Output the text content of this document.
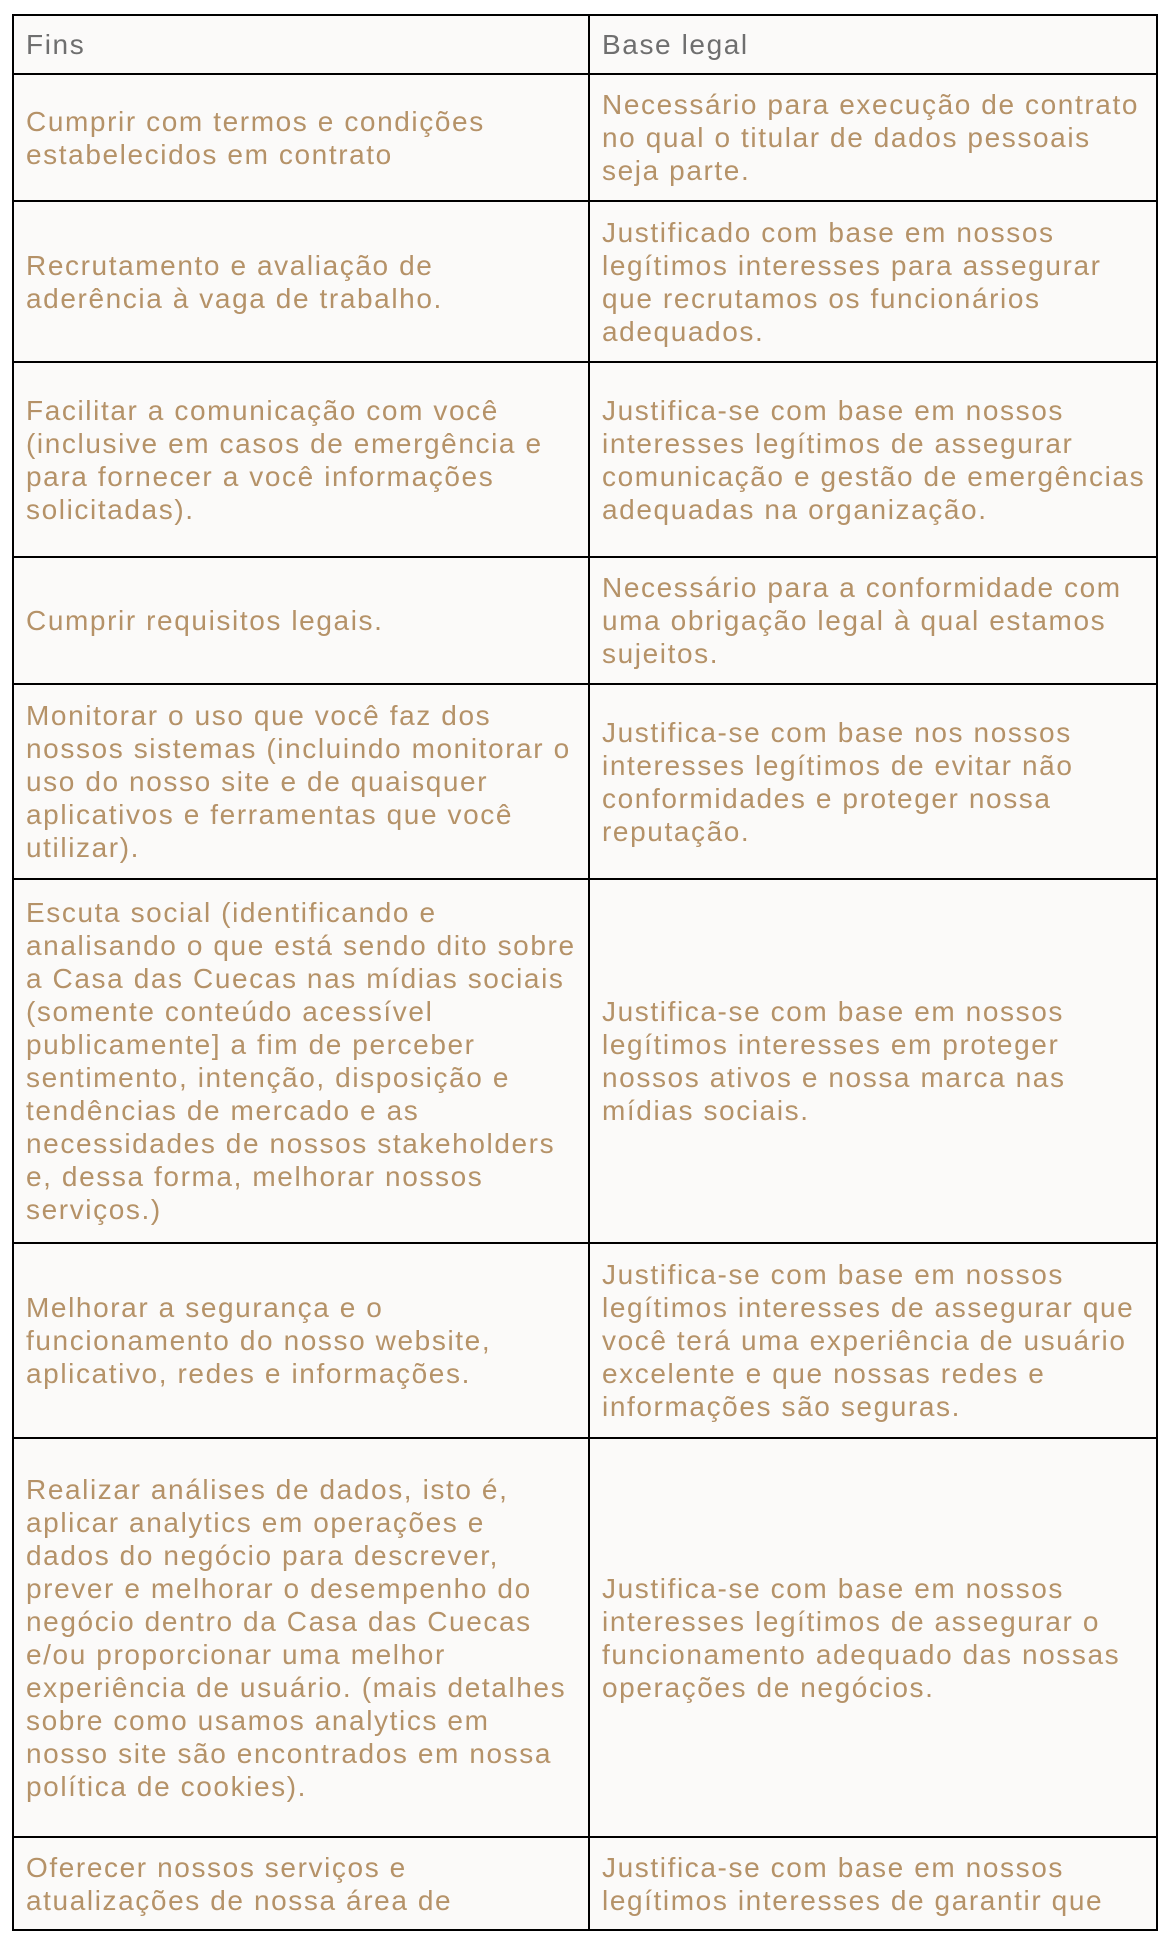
Fins	Base legal

Cumprir com termos e condições estabelecidos em contrato	Necessário para execução de contrato no qual o titular de dados pessoais seja parte.

Recrutamento e avaliação de aderência à vaga de trabalho.	Justificado com base em nossos legítimos interesses para assegurar que recrutamos os funcionários adequados.

Facilitar a comunicação com você (inclusive em casos de emergência e para fornecer a você informações solicitadas).	Justifica-se com base em nossos interesses legítimos de assegurar comunicação e gestão de emergências adequadas na organização.

Cumprir requisitos legais.	Necessário para a conformidade com uma obrigação legal à qual estamos sujeitos.

Monitorar o uso que você faz dos nossos sistemas (incluindo monitorar o uso do nosso site e de quaisquer aplicativos e ferramentas que você utilizar).	Justifica-se com base nos nossos interesses legítimos de evitar não conformidades e proteger nossa reputação.

Escuta social (identificando e analisando o que está sendo dito sobre a Casa das Cuecas nas mídias sociais (somente conteúdo acessível publicamente] a fim de perceber sentimento, intenção, disposição e tendências de mercado e as necessidades de nossos stakeholders e, dessa forma, melhorar nossos serviços.)	Justifica-se com base em nossos legítimos interesses em proteger nossos ativos e nossa marca nas mídias sociais.

Melhorar a segurança e o funcionamento do nosso website, aplicativo, redes e informações.	Justifica-se com base em nossos legítimos interesses de assegurar que você terá uma experiência de usuário excelente e que nossas redes e informações são seguras.

Realizar análises de dados, isto é, aplicar analytics em operações e dados do negócio para descrever, prever e melhorar o desempenho do negócio dentro da Casa das Cuecas e/ou proporcionar uma melhor experiência de usuário. (mais detalhes sobre como usamos analytics em nosso site são encontrados em nossa política de cookies).	Justifica-se com base em nossos interesses legítimos de assegurar o funcionamento adequado das nossas operações de negócios.

Oferecer nossos serviços e atualizações de nossa área de	Justifica-se com base em nossos legítimos interesses de garantir que
